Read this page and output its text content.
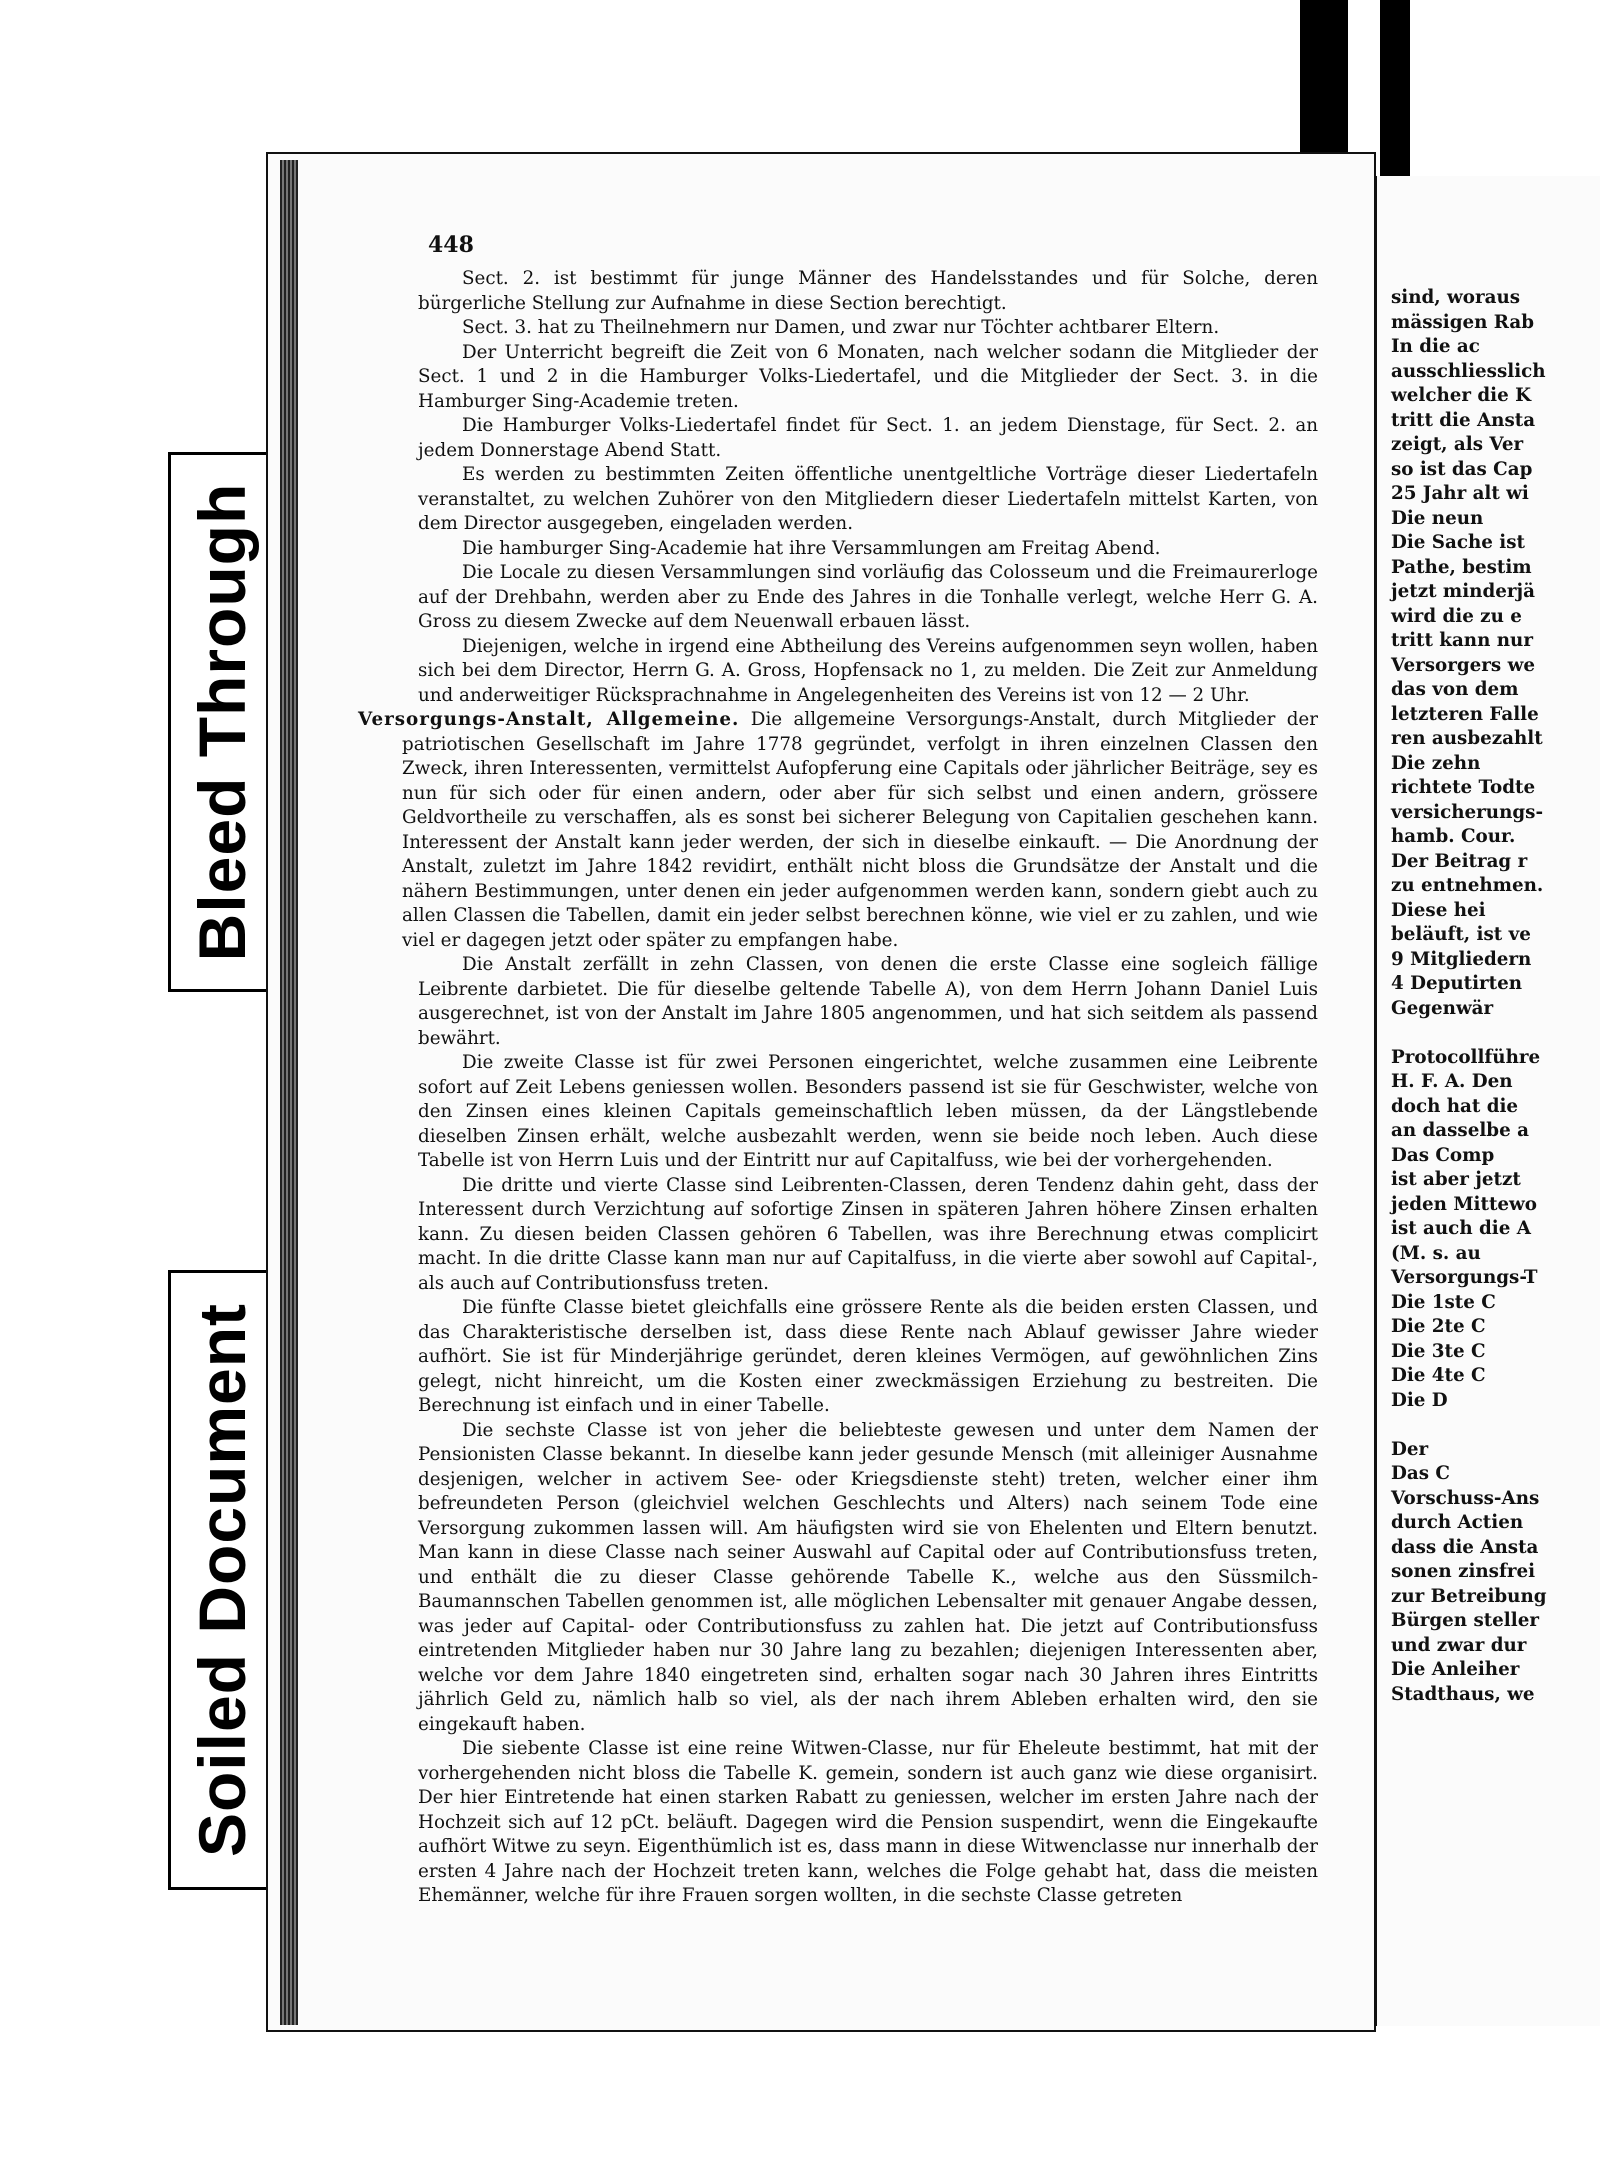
Bleed Through
Soiled Document
448

Sect. 2. ist bestimmt für junge Männer des Handelsstandes und für Solche, deren bürgerliche Stellung zur Aufnahme in diese Section berechtigt.

Sect. 3. hat zu Theilnehmern nur Damen, und zwar nur Töchter achtbarer Eltern.

Der Unterricht begreift die Zeit von 6 Monaten, nach welcher sodann die Mitglieder der Sect. 1 und 2 in die Hamburger Volks-Liedertafel, und die Mitglieder der Sect. 3. in die Hamburger Sing-Academie treten.

Die Hamburger Volks-Liedertafel findet für Sect. 1. an jedem Dienstage, für Sect. 2. an jedem Donnerstage Abend Statt.

Es werden zu bestimmten Zeiten öffentliche unentgeltliche Vorträge dieser Liedertafeln veranstaltet, zu welchen Zuhörer von den Mitgliedern dieser Liedertafeln mittelst Karten, von dem Director ausgegeben, eingeladen werden.

Die hamburger Sing-Academie hat ihre Versammlungen am Freitag Abend.

Die Locale zu diesen Versammlungen sind vorläufig das Colosseum und die Freimaurerloge auf der Drehbahn, werden aber zu Ende des Jahres in die Tonhalle verlegt, welche Herr G. A. Gross zu diesem Zwecke auf dem Neuenwall erbauen lässt.

Diejenigen, welche in irgend eine Abtheilung des Vereins aufgenommen seyn wollen, haben sich bei dem Director, Herrn G. A. Gross, Hopfensack no 1, zu melden. Die Zeit zur Anmeldung und anderweitiger Rücksprachnahme in Angelegenheiten des Vereins ist von 12 — 2 Uhr.

Versorgungs-Anstalt, Allgemeine. Die allgemeine Versorgungs-Anstalt, durch Mitglieder der patriotischen Gesellschaft im Jahre 1778 gegründet, verfolgt in ihren einzelnen Classen den Zweck, ihren Interessenten, vermittelst Aufopferung eine Capitals oder jährlicher Beiträge, sey es nun für sich oder für einen andern, oder aber für sich selbst und einen andern, grössere Geldvortheile zu verschaffen, als es sonst bei sicherer Belegung von Capitalien geschehen kann. Interessent der Anstalt kann jeder werden, der sich in dieselbe einkauft. — Die Anordnung der Anstalt, zuletzt im Jahre 1842 revidirt, enthält nicht bloss die Grundsätze der Anstalt und die nähern Bestimmungen, unter denen ein jeder aufgenommen werden kann, sondern giebt auch zu allen Classen die Tabellen, damit ein jeder selbst berechnen könne, wie viel er zu zahlen, und wie viel er dagegen jetzt oder später zu empfangen habe.

Die Anstalt zerfällt in zehn Classen, von denen die erste Classe eine sogleich fällige Leibrente darbietet. Die für dieselbe geltende Tabelle A), von dem Herrn Johann Daniel Luis ausgerechnet, ist von der Anstalt im Jahre 1805 angenommen, und hat sich seitdem als passend bewährt.

Die zweite Classe ist für zwei Personen eingerichtet, welche zusammen eine Leibrente sofort auf Zeit Lebens geniessen wollen. Besonders passend ist sie für Geschwister, welche von den Zinsen eines kleinen Capitals gemeinschaftlich leben müssen, da der Längstlebende dieselben Zinsen erhält, welche ausbezahlt werden, wenn sie beide noch leben. Auch diese Tabelle ist von Herrn Luis und der Eintritt nur auf Capitalfuss, wie bei der vorhergehenden.

Die dritte und vierte Classe sind Leibrenten-Classen, deren Tendenz dahin geht, dass der Interessent durch Verzichtung auf sofortige Zinsen in späteren Jahren höhere Zinsen erhalten kann. Zu diesen beiden Classen gehören 6 Tabellen, was ihre Berechnung etwas complicirt macht. In die dritte Classe kann man nur auf Capitalfuss, in die vierte aber sowohl auf Capital-, als auch auf Contributionsfuss treten.

Die fünfte Classe bietet gleichfalls eine grössere Rente als die beiden ersten Classen, und das Charakteristische derselben ist, dass diese Rente nach Ablauf gewisser Jahre wieder aufhört. Sie ist für Minderjährige geründet, deren kleines Vermögen, auf gewöhnlichen Zins gelegt, nicht hinreicht, um die Kosten einer zweckmässigen Erziehung zu bestreiten. Die Berechnung ist einfach und in einer Tabelle.

Die sechste Classe ist von jeher die beliebteste gewesen und unter dem Namen der Pensionisten Classe bekannt. In dieselbe kann jeder gesunde Mensch (mit alleiniger Ausnahme desjenigen, welcher in activem See- oder Kriegsdienste steht) treten, welcher einer ihm befreundeten Person (gleichviel welchen Geschlechts und Alters) nach seinem Tode eine Versorgung zukommen lassen will. Am häufigsten wird sie von Ehelenten und Eltern benutzt. Man kann in diese Classe nach seiner Auswahl auf Capital oder auf Contributionsfuss treten, und enthält die zu dieser Classe gehörende Tabelle K., welche aus den Süssmilch-Baumannschen Tabellen genommen ist, alle möglichen Lebensalter mit genauer Angabe dessen, was jeder auf Capital- oder Contributionsfuss zu zahlen hat. Die jetzt auf Contributionsfuss eintretenden Mitglieder haben nur 30 Jahre lang zu bezahlen; diejenigen Interessenten aber, welche vor dem Jahre 1840 eingetreten sind, erhalten sogar nach 30 Jahren ihres Eintritts jährlich Geld zu, nämlich halb so viel, als der nach ihrem Ableben erhalten wird, den sie eingekauft haben.

Die siebente Classe ist eine reine Witwen-Classe, nur für Eheleute bestimmt, hat mit der vorhergehenden nicht bloss die Tabelle K. gemein, sondern ist auch ganz wie diese organisirt. Der hier Eintretende hat einen starken Rabatt zu geniessen, welcher im ersten Jahre nach der Hochzeit sich auf 12 pCt. beläuft. Dagegen wird die Pension suspendirt, wenn die Eingekaufte aufhört Witwe zu seyn. Eigenthümlich ist es, dass mann in diese Witwenclasse nur innerhalb der ersten 4 Jahre nach der Hochzeit treten kann, welches die Folge gehabt hat, dass die meisten Ehemänner, welche für ihre Frauen sorgen wollten, in die sechste Classe getreten

sind, woraus
mässigen Rab
In die ac
ausschliesslich
welcher die K
tritt die Ansta
zeigt, als Ver
so ist das Cap
25 Jahr alt wi
Die neun
Die Sache ist
Pathe, bestim
jetzt minderjä
wird die zu e
tritt kann nur
Versorgers we
das von dem
letzteren Falle
ren ausbezahlt
Die zehn
richtete Todte
versicherungs-
hamb. Cour.
Der Beitrag r
zu entnehmen.
Diese hei
beläuft, ist ve
9 Mitgliedern
4 Deputirten
Gegenwär
Protocollführe
H. F. A. Den
doch hat die
an dasselbe a
Das Comp
ist aber jetzt
jeden Mittewo
ist auch die A
(M. s. au
Versorgungs-T
Die 1ste C
Die 2te C
Die 3te C
Die 4te C
Die D
Der
Das C
Vorschuss-Ans
durch Actien
dass die Ansta
sonen zinsfrei
zur Betreibung
Bürgen steller
und zwar dur
Die Anleiher
Stadthaus, we
